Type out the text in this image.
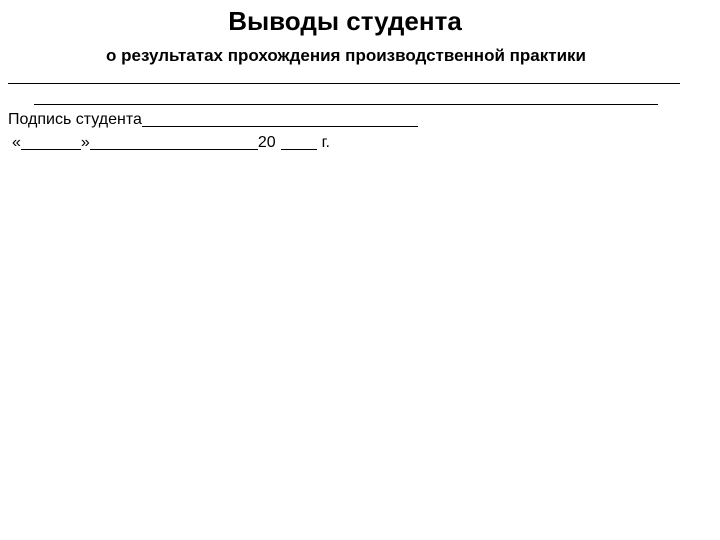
Выводы студента
о результатах прохождения производственной практики
Подпись студента
«	»	20	г.
